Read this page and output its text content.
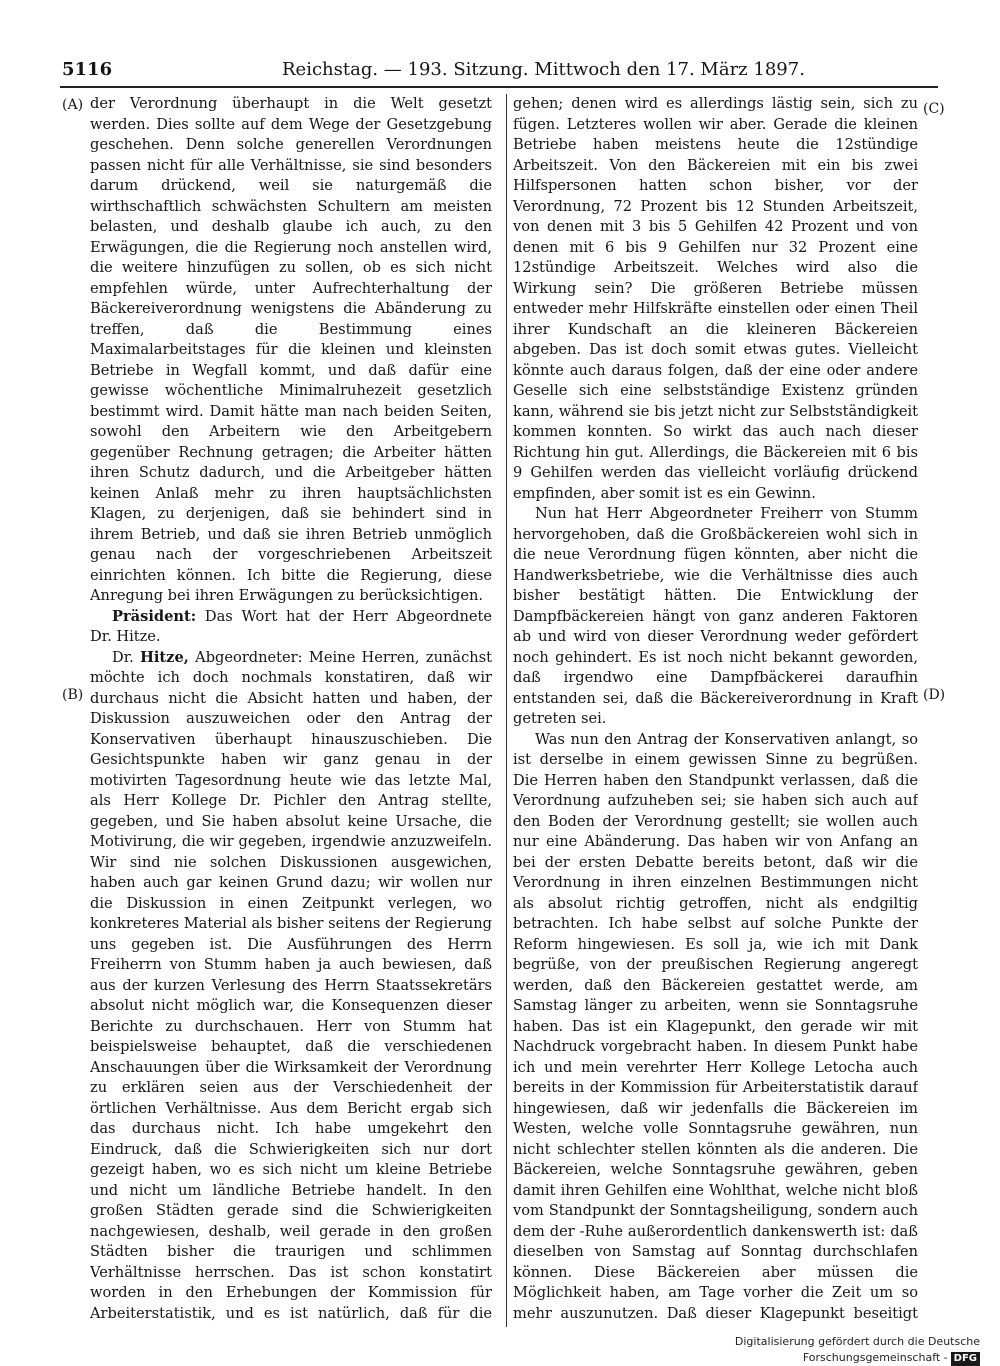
5116	Reichstag. — 193. Sitzung. Mittwoch den 17. März 1897.
(A)
(B)
(C)
(D)

der Verordnung überhaupt in die Welt gesetzt werden. Dies sollte auf dem Wege der Gesetzgebung geschehen. Denn solche generellen Verordnungen passen nicht für alle Verhältnisse, sie sind besonders darum drückend, weil sie naturgemäß die wirthschaftlich schwächsten Schultern am meisten belasten, und deshalb glaube ich auch, zu den Erwägungen, die die Regierung noch anstellen wird, die weitere hinzufügen zu sollen, ob es sich nicht empfehlen würde, unter Aufrechterhaltung der Bäckereiverordnung wenigstens die Abänderung zu treffen, daß die Bestimmung eines Maximalarbeitstages für die kleinen und kleinsten Betriebe in Wegfall kommt, und daß dafür eine gewisse wöchentliche Minimalruhezeit gesetzlich bestimmt wird. Damit hätte man nach beiden Seiten, sowohl den Arbeitern wie den Arbeitgebern gegenüber Rechnung getragen; die Arbeiter hätten ihren Schutz dadurch, und die Arbeitgeber hätten keinen Anlaß mehr zu ihren hauptsächlichsten Klagen, zu derjenigen, daß sie behindert sind in ihrem Betrieb, und daß sie ihren Betrieb unmöglich genau nach der vorgeschriebenen Arbeitszeit einrichten können. Ich bitte die Regierung, diese Anregung bei ihren Erwägungen zu berücksichtigen.

Präsident: Das Wort hat der Herr Abgeordnete Dr. Hitze.

Dr. Hitze, Abgeordneter: Meine Herren, zunächst möchte ich doch nochmals konstatiren, daß wir durchaus nicht die Absicht hatten und haben, der Diskussion auszuweichen oder den Antrag der Konservativen überhaupt hinauszuschieben. Die Gesichtspunkte haben wir ganz genau in der motivirten Tagesordnung heute wie das letzte Mal, als Herr Kollege Dr. Pichler den Antrag stellte, gegeben, und Sie haben absolut keine Ursache, die Motivirung, die wir gegeben, irgendwie anzuzweifeln. Wir sind nie solchen Diskussionen ausgewichen, haben auch gar keinen Grund dazu; wir wollen nur die Diskussion in einen Zeitpunkt verlegen, wo konkreteres Material als bisher seitens der Regierung uns gegeben ist. Die Ausführungen des Herrn Freiherrn von Stumm haben ja auch bewiesen, daß aus der kurzen Verlesung des Herrn Staatssekretärs absolut nicht möglich war, die Konsequenzen dieser Berichte zu durchschauen. Herr von Stumm hat beispielsweise behauptet, daß die verschiedenen Anschauungen über die Wirksamkeit der Verordnung zu erklären seien aus der Verschiedenheit der örtlichen Verhältnisse. Aus dem Bericht ergab sich das durchaus nicht. Ich habe umgekehrt den Eindruck, daß die Schwierigkeiten sich nur dort gezeigt haben, wo es sich nicht um kleine Betriebe und nicht um ländliche Betriebe handelt. In den großen Städten gerade sind die Schwierigkeiten nachgewiesen, deshalb, weil gerade in den großen Städten bisher die traurigen und schlimmen Verhältnisse herrschen. Das ist schon konstatirt worden in den Erhebungen der Kommission für Arbeiterstatistik, und es ist natürlich, daß für die

gehen; denen wird es allerdings lästig sein, sich zu fügen. Letzteres wollen wir aber. Gerade die kleinen Betriebe haben meistens heute die 12stündige Arbeitszeit. Von den Bäckereien mit ein bis zwei Hilfspersonen hatten schon bisher, vor der Verordnung, 72 Prozent bis 12 Stunden Arbeitszeit, von denen mit 3 bis 5 Gehilfen 42 Prozent und von denen mit 6 bis 9 Gehilfen nur 32 Prozent eine 12stündige Arbeitszeit. Welches wird also die Wirkung sein? Die größeren Betriebe müssen entweder mehr Hilfskräfte einstellen oder einen Theil ihrer Kundschaft an die kleineren Bäckereien abgeben. Das ist doch somit etwas gutes. Vielleicht könnte auch daraus folgen, daß der eine oder andere Geselle sich eine selbstständige Existenz gründen kann, während sie bis jetzt nicht zur Selbstständigkeit kommen konnten. So wirkt das auch nach dieser Richtung hin gut. Allerdings, die Bäckereien mit 6 bis 9 Gehilfen werden das vielleicht vorläufig drückend empfinden, aber somit ist es ein Gewinn.

Nun hat Herr Abgeordneter Freiherr von Stumm hervorgehoben, daß die Großbäckereien wohl sich in die neue Verordnung fügen könnten, aber nicht die Handwerksbetriebe, wie die Verhältnisse dies auch bisher bestätigt hätten. Die Entwicklung der Dampfbäckereien hängt von ganz anderen Faktoren ab und wird von dieser Verordnung weder gefördert noch gehindert. Es ist noch nicht bekannt geworden, daß irgendwo eine Dampfbäckerei daraufhin entstanden sei, daß die Bäckereiverordnung in Kraft getreten sei.

Was nun den Antrag der Konservativen anlangt, so ist derselbe in einem gewissen Sinne zu begrüßen. Die Herren haben den Standpunkt verlassen, daß die Verordnung aufzuheben sei; sie haben sich auch auf den Boden der Verordnung gestellt; sie wollen auch nur eine Abänderung. Das haben wir von Anfang an bei der ersten Debatte bereits betont, daß wir die Verordnung in ihren einzelnen Bestimmungen nicht als absolut richtig getroffen, nicht als endgiltig betrachten. Ich habe selbst auf solche Punkte der Reform hingewiesen. Es soll ja, wie ich mit Dank begrüße, von der preußischen Regierung angeregt werden, daß den Bäckereien gestattet werde, am Samstag länger zu arbeiten, wenn sie Sonntagsruhe haben. Das ist ein Klagepunkt, den gerade wir mit Nachdruck vorgebracht haben. In diesem Punkt habe ich und mein verehrter Herr Kollege Letocha auch bereits in der Kommission für Arbeiterstatistik darauf hingewiesen, daß wir jedenfalls die Bäckereien im Westen, welche volle Sonntagsruhe gewähren, nun nicht schlechter stellen könnten als die anderen. Die Bäckereien, welche Sonntagsruhe gewähren, geben damit ihren Gehilfen eine Wohlthat, welche nicht bloß vom Standpunkt der Sonntagsheiligung, sondern auch dem der -Ruhe außerordentlich dankenswerth ist: daß dieselben von Samstag auf Sonntag durchschlafen können. Diese Bäckereien aber müssen die Möglichkeit haben, am Tage vorher die Zeit um so mehr auszunutzen. Daß dieser Klagepunkt beseitigt

Digitalisierung gefördert durch die Deutsche Forschungsgemeinschaft - DFG
